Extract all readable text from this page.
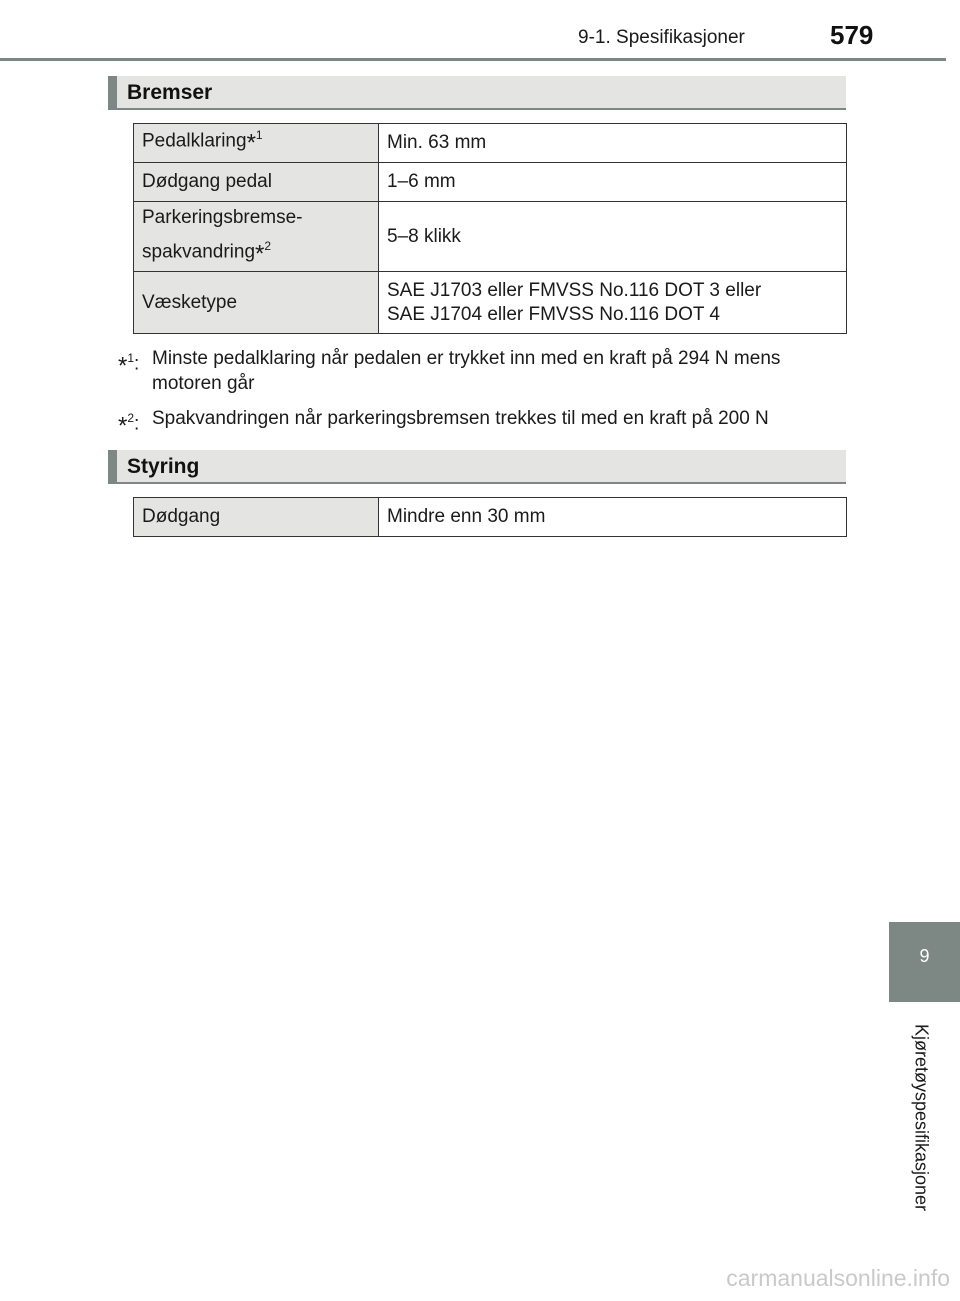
9-1. Spesifikasjoner	579
Bremser
Pedalklaring*$^1$	Min. 63 mm
Dødgang pedal	1–6 mm
Parkeringsbremse-
spakvandring*$^2$	5–8 klikk
Væsketype	SAE J1703 eller FMVSS No.116 DOT 3 eller
SAE J1704 eller FMVSS No.116 DOT 4
*$^1$: Minste pedalklaring når pedalen er trykket inn med en kraft på 294 N mens motoren går
*$^2$: Spakvandringen når parkeringsbremsen trekkes til med en kraft på 200 N
Styring
Dødgang	Mindre enn 30 mm
9
Kjøretøyspesifikasjoner
carmanualsonline.info
